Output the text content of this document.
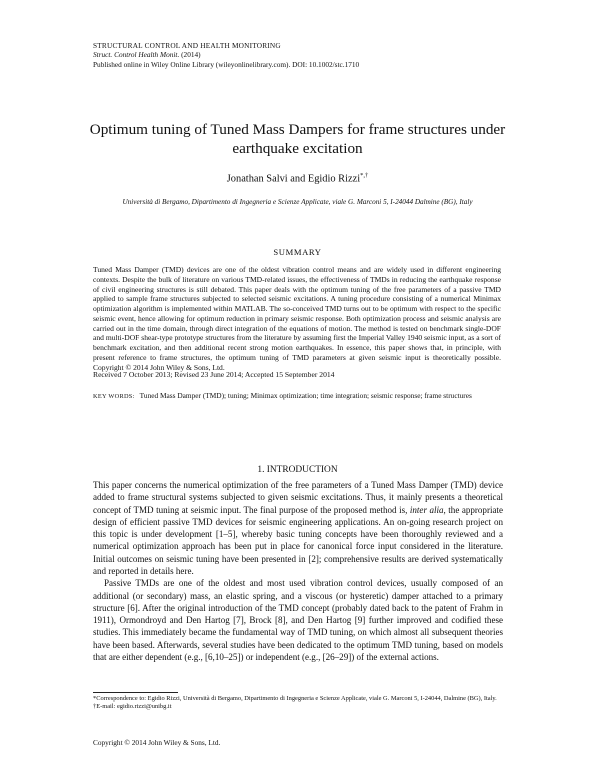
STRUCTURAL CONTROL AND HEALTH MONITORING
Struct. Control Health Monit. (2014)
Published online in Wiley Online Library (wileyonlinelibrary.com). DOI: 10.1002/stc.1710
Optimum tuning of Tuned Mass Dampers for frame structures under earthquake excitation
Jonathan Salvi and Egidio Rizzi*,†
Università di Bergamo, Dipartimento di Ingegneria e Scienze Applicate, viale G. Marconi 5, I-24044 Dalmine (BG), Italy
SUMMARY
Tuned Mass Damper (TMD) devices are one of the oldest vibration control means and are widely used in different engineering contexts. Despite the bulk of literature on various TMD-related issues, the effectiveness of TMDs in reducing the earthquake response of civil engineering structures is still debated. This paper deals with the optimum tuning of the free parameters of a passive TMD applied to sample frame structures subjected to selected seismic excitations. A tuning procedure consisting of a numerical Minimax optimization algorithm is implemented within MATLAB. The so-conceived TMD turns out to be optimum with respect to the specific seismic event, hence allowing for optimum reduction in primary seismic response. Both optimization process and seismic analysis are carried out in the time domain, through direct integration of the equations of motion. The method is tested on benchmark single-DOF and multi-DOF shear-type prototype structures from the literature by assuming first the Imperial Valley 1940 seismic input, as a sort of benchmark excitation, and then additional recent strong motion earthquakes. In essence, this paper shows that, in principle, with present reference to frame structures, the optimum tuning of TMD parameters at given seismic input is theoretically possible. Copyright © 2014 John Wiley & Sons, Ltd.
Received 7 October 2013; Revised 23 June 2014; Accepted 15 September 2014
KEY WORDS: Tuned Mass Damper (TMD); tuning; Minimax optimization; time integration; seismic response; frame structures
1. INTRODUCTION

This paper concerns the numerical optimization of the free parameters of a Tuned Mass Damper (TMD) device added to frame structural systems subjected to given seismic excitations. Thus, it mainly presents a theoretical concept of TMD tuning at seismic input. The final purpose of the proposed method is, inter alia, the appropriate design of efficient passive TMD devices for seismic engineering applications. An on-going research project on this topic is under development [1–5], whereby basic tuning concepts have been thoroughly reviewed and a numerical optimization approach has been put in place for canonical force input considered in the literature. Initial outcomes on seismic tuning have been presented in [2]; comprehensive results are derived systematically and reported in details here.

Passive TMDs are one of the oldest and most used vibration control devices, usually composed of an additional (or secondary) mass, an elastic spring, and a viscous (or hysteretic) damper attached to a primary structure [6]. After the original introduction of the TMD concept (probably dated back to the patent of Frahm in 1911), Ormondroyd and Den Hartog [7], Brock [8], and Den Hartog [9] further improved and codified these studies. This immediately became the fundamental way of TMD tuning, on which almost all subsequent theories have been based. Afterwards, several studies have been dedicated to the optimum TMD tuning, based on models that are either dependent (e.g., [6,10–25]) or independent (e.g., [26–29]) of the external actions.

*Correspondence to: Egidio Rizzi, Università di Bergamo, Dipartimento di Ingegneria e Scienze Applicate, viale G. Marconi 5, I-24044, Dalmine (BG), Italy.

†E-mail: egidio.rizzi@unibg.it

Copyright © 2014 John Wiley & Sons, Ltd.
